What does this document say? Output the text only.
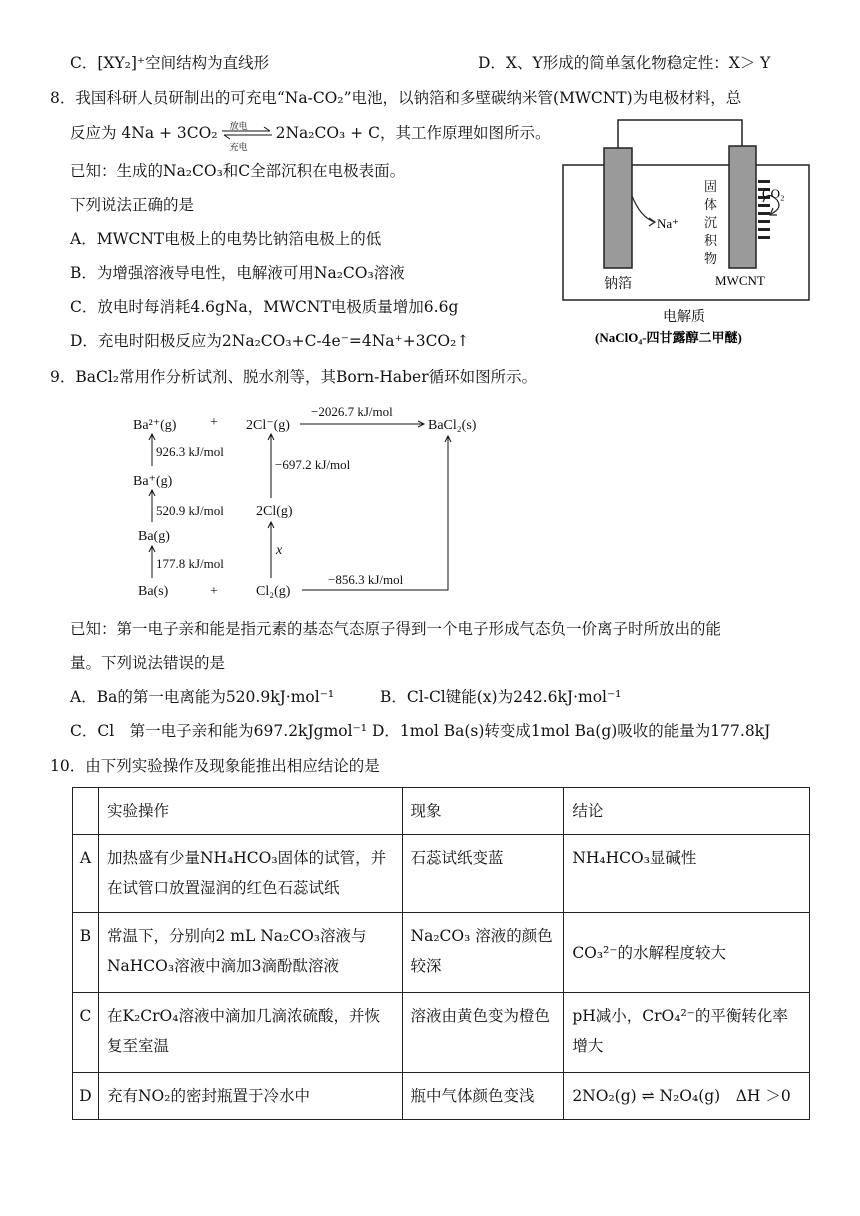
C．[XY₂]⁺空间结构为直线形	D．X、Y形成的简单氢化物稳定性：X＞ Y
8．我国科研人员研制出的可充电“Na-CO₂”电池，以钠箔和多壁碳纳米管(MWCNT)为电极材料，总
反应为 4Na + 3CO₂ 放电
充电
2Na₂CO₃ + C，其工作原理如图所示。
已知：生成的Na₂CO₃和C全部沉积在电极表面。
下列说法正确的是
A．MWCNT电极上的电势比钠箔电极上的低
B．为增强溶液导电性，电解液可用Na₂CO₃溶液
C．放电时每消耗4.6gNa，MWCNT电极质量增加6.6g
D．充电时阳极反应为2Na₂CO₃+C-4e⁻=4Na⁺+3CO₂↑
Na⁺
CO₂
固
体
沉
积
物
钠箔	MWCNT
电解质
(NaClO₄-四甘露醇二甲醚)
9．BaCl₂常用作分析试剂、脱水剂等，其Born-Haber循环如图所示。
Ba²⁺(g) + 2Cl⁻(g)
−2026.7 kJ/mol
BaCl₂(s)
926.3 kJ/mol
Ba⁺(g)
−697.2 kJ/mol
520.9 kJ/mol 2Cl(g)
Ba(g)
x
177.8 kJ/mol
Ba(s)	+	Cl₂(g)
−856.3 kJ/mol
已知：第一电子亲和能是指元素的基态气态原子得到一个电子形成气态负一价离子时所放出的能
量。下列说法错误的是
A．Ba的第一电离能为520.9kJ·mol⁻¹	B．Cl-Cl键能(x)为242.6kJ·mol⁻¹
C．Cl　第一电子亲和能为697.2kJgmol⁻¹ D．1mol Ba(s)转变成1mol Ba(g)吸收的能量为177.8kJ
10．由下列实验操作及现象能推出相应结论的是
	实验操作	现象	结论
A	加热盛有少量NH₄HCO₃固体的试管，并在试管口放置湿润的红色石蕊试纸	石蕊试纸变蓝	NH₄HCO₃显碱性
B	常温下，分别向2 mL Na₂CO₃溶液与NaHCO₃溶液中滴加3滴酚酞溶液	Na₂CO₃ 溶液的颜色较深	CO₃²⁻的水解程度较大
C	在K₂CrO₄溶液中滴加几滴浓硫酸，并恢复至室温	溶液由黄色变为橙色	pH减小，CrO₄²⁻的平衡转化率增大
D	充有NO₂的密封瓶置于冷水中	瓶中气体颜色变浅	2NO₂(g) ⇌ N₂O₄(g)　ΔH ＞0
